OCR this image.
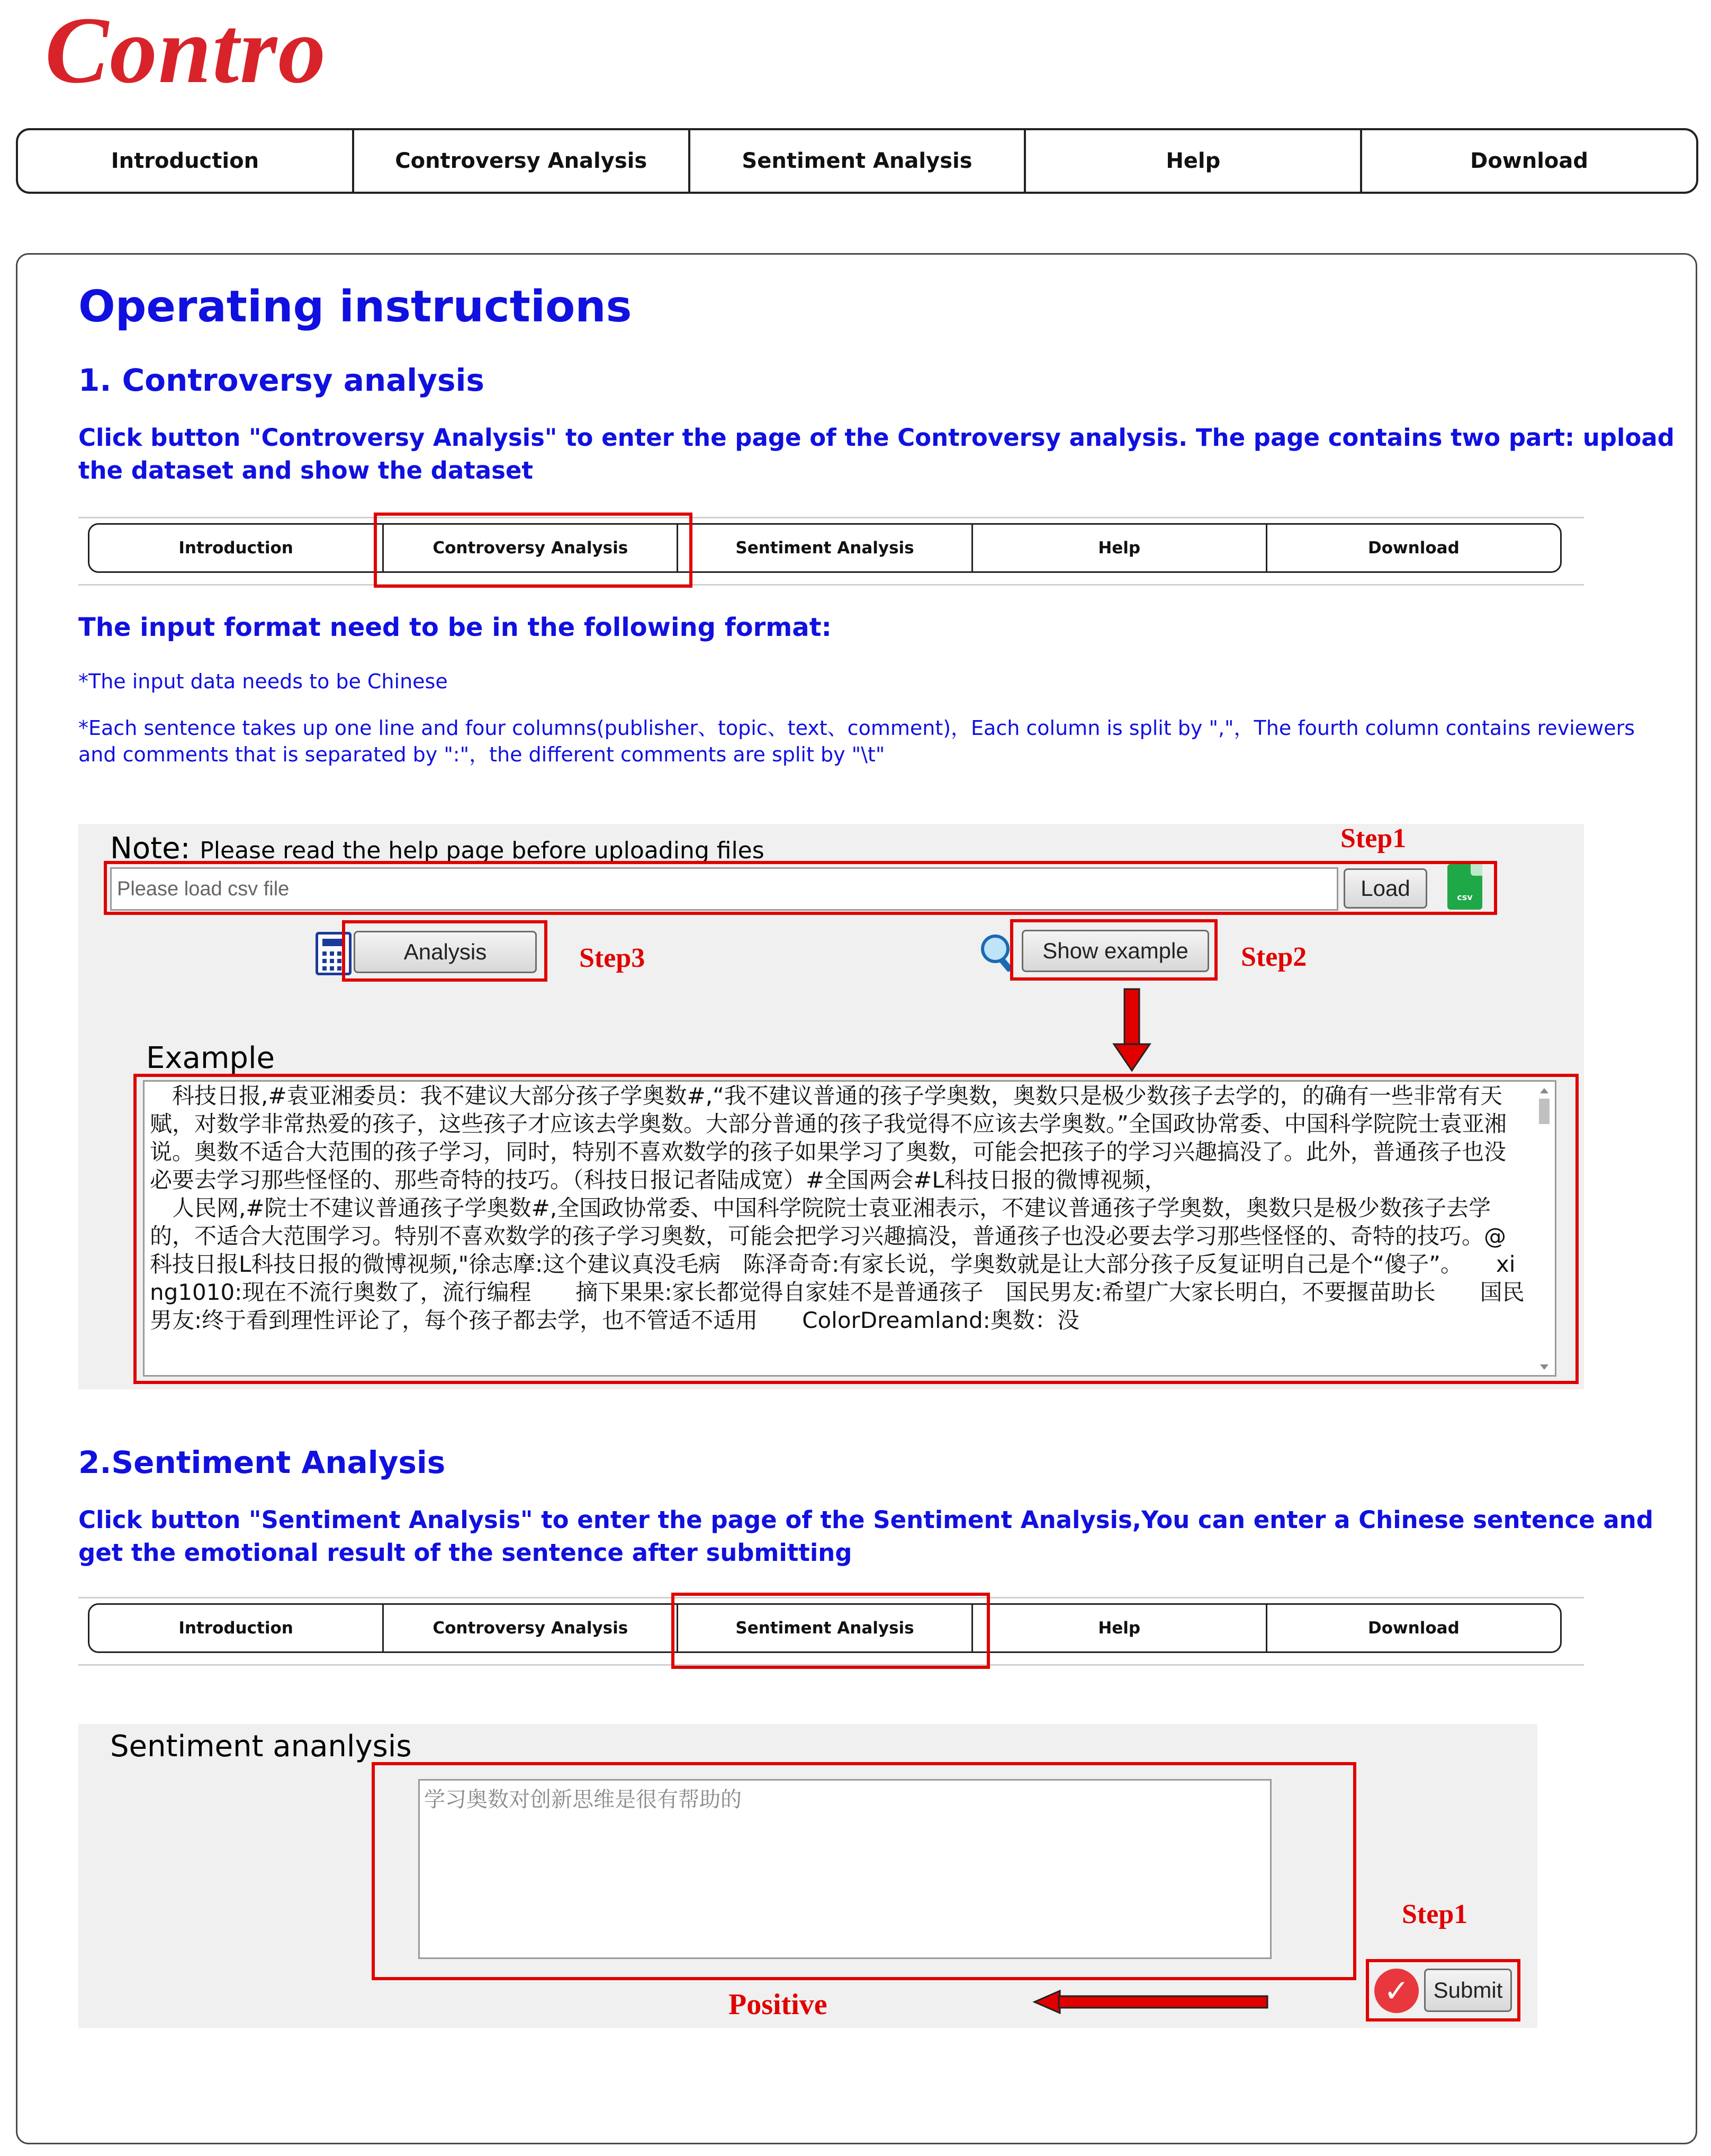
Contro
Introduction	Controversy Analysis	Sentiment Analysis	Help	Download
Operating instructions
1. Controversy analysis
Click button "Controversy Analysis" to enter the page of the Controversy analysis. The page contains two part: upload the dataset and show the dataset
Introduction	Controversy Analysis	Sentiment Analysis	Help	Download
The input format need to be in the following format:
*The input data needs to be Chinese
*Each sentence takes up one line and four columns(publisher、topic、text、comment)，Each column is split by ","，The fourth column contains reviewers and comments that is separated by ":"，the different comments are split by "\t"
Note: Please read the help page before uploading files	Step1
Please load csv file	Load	csv
Analysis	Step3	Show example	Step2
Example
　科技日报,#袁亚湘委员：我不建议大部分孩子学奥数#,“我不建议普通的孩子学奥数，奥数只是极少数孩子去学的，的确有一些非常有天赋，对数学非常热爱的孩子，这些孩子才应该去学奥数。大部分普通的孩子我觉得不应该去学奥数。”全国政协常委、中国科学院院士袁亚湘说。奥数不适合大范围的孩子学习，同时，特别不喜欢数学的孩子如果学习了奥数，可能会把孩子的学习兴趣搞没了。此外，普通孩子也没必要去学习那些怪怪的、那些奇特的技巧。（科技日报记者陆成宽）#全国两会#L科技日报的微博视频，
　人民网,#院士不建议普通孩子学奥数#,全国政协常委、中国科学院院士袁亚湘表示，不建议普通孩子学奥数，奥数只是极少数孩子去学的，不适合大范围学习。特别不喜欢数学的孩子学习奥数，可能会把学习兴趣搞没，普通孩子也没必要去学习那些怪怪的、奇特的技巧。@科技日报L科技日报的微博视频,"徐志摩:这个建议真没毛病　陈泽奇奇:有家长说，学奥数就是让大部分孩子反复证明自己是个“傻子”。　　xing1010:现在不流行奥数了，流行编程　　摘下果果:家长都觉得自家娃不是普通孩子　国民男友:希望广大家长明白，不要揠苗助长　　国民男友:终于看到理性评论了，每个孩子都去学，也不管适不适用　　ColorDreamland:奥数：没
2.Sentiment Analysis
Click button "Sentiment Analysis" to enter the page of the Sentiment Analysis,You can enter a Chinese sentence and get the emotional result of the sentence after submitting
Introduction	Controversy Analysis	Sentiment Analysis	Help	Download
Sentiment ananlysis
学习奥数对创新思维是很有帮助的
Step1
✓	Submit
Positive
